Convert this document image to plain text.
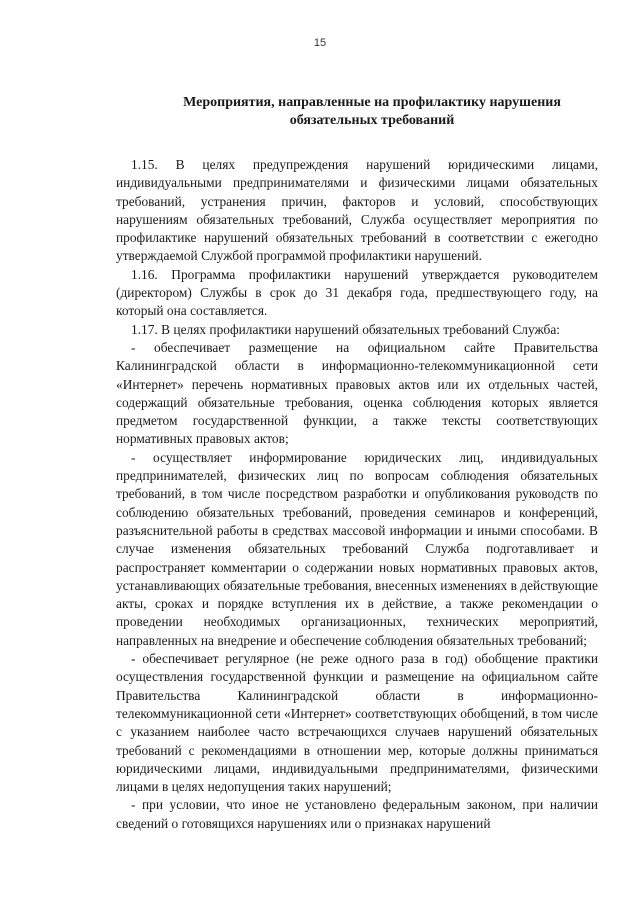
15
Мероприятия, направленные на профилактику нарушения
обязательных требований

1.15. В целях предупреждения нарушений юридическими лицами, индивидуальными предпринимателями и физическими лицами обязательных требований, устранения причин, факторов и условий, способствующих нарушениям обязательных требований, Служба осуществляет мероприятия по профилактике нарушений обязательных требований в соответствии с ежегодно утверждаемой Службой программой профилактики нарушений.

1.16. Программа профилактики нарушений утверждается руководителем (директором) Службы в срок до 31 декабря года, предшествующего году, на который она составляется.

1.17. В целях профилактики нарушений обязательных требований Служба:

- обеспечивает размещение на официальном сайте Правительства Калининградской области в информационно-телекоммуникационной сети «Интернет» перечень нормативных правовых актов или их отдельных частей, содержащий обязательные требования, оценка соблюдения которых является предметом государственной функции, а также тексты соответствующих нормативных правовых актов;

- осуществляет информирование юридических лиц, индивидуальных предпринимателей, физических лиц по вопросам соблюдения обязательных требований, в том числе посредством разработки и опубликования руководств по соблюдению обязательных требований, проведения семинаров и конференций, разъяснительной работы в средствах массовой информации и иными способами. В случае изменения обязательных требований Служба подготавливает и распространяет комментарии о содержании новых нормативных правовых актов, устанавливающих обязательные требования, внесенных изменениях в действующие акты, сроках и порядке вступления их в действие, а также рекомендации о проведении необходимых организационных, технических мероприятий, направленных на внедрение и обеспечение соблюдения обязательных требований;

- обеспечивает регулярное (не реже одного раза в год) обобщение практики осуществления государственной функции и размещение на официальном сайте Правительства Калининградской области в информационно-телекоммуникационной сети «Интернет» соответствующих обобщений, в том числе с указанием наиболее часто встречающихся случаев нарушений обязательных требований с рекомендациями в отношении мер, которые должны приниматься юридическими лицами, индивидуальными предпринимателями, физическими лицами в целях недопущения таких нарушений;

- при условии, что иное не установлено федеральным законом, при наличии сведений о готовящихся нарушениях или о признаках нарушений
